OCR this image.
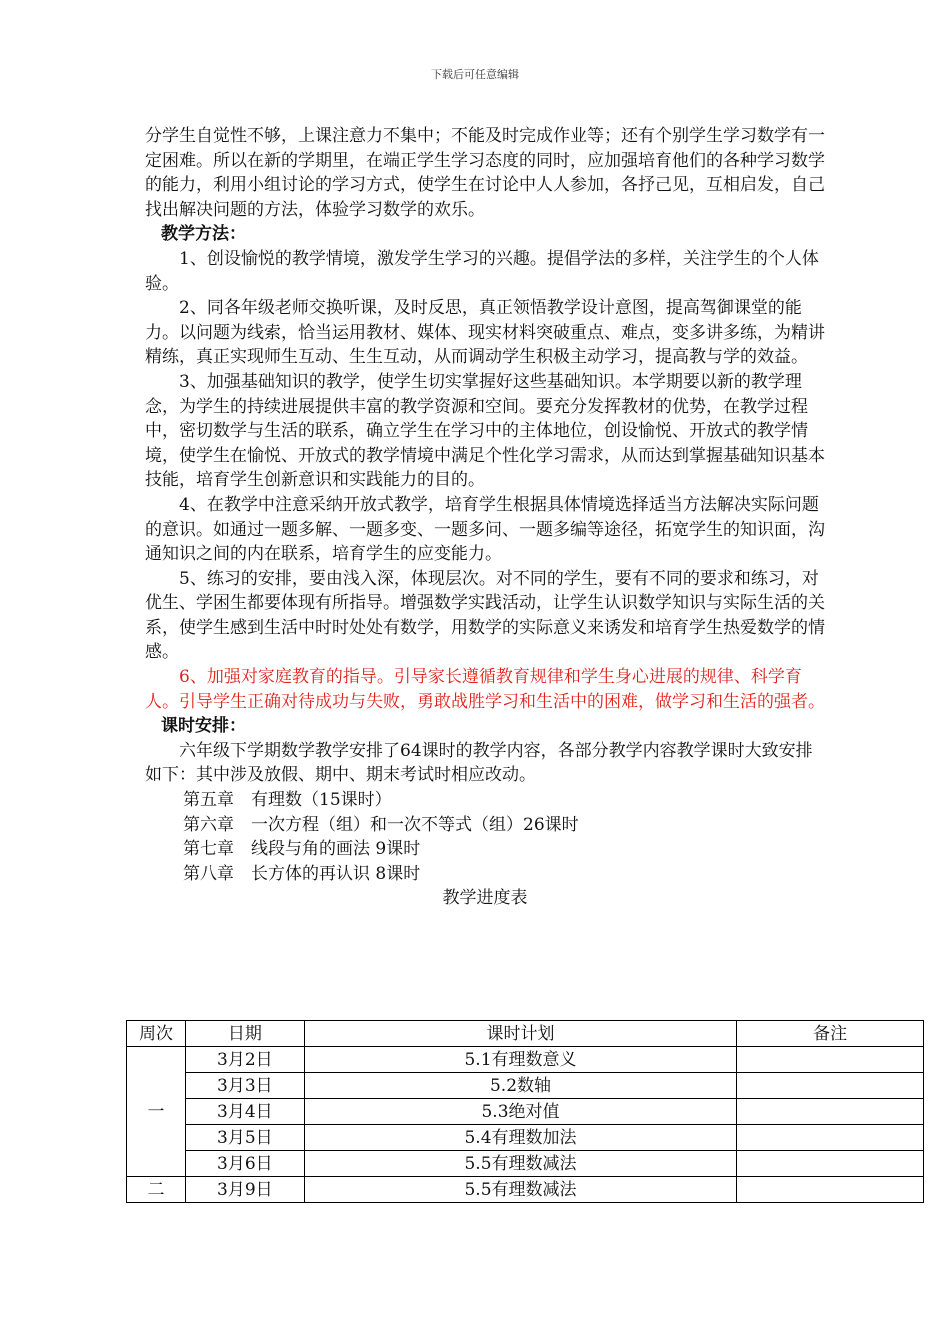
下载后可任意编辑

分学生自觉性不够，上课注意力不集中；不能及时完成作业等；还有个别学生学习数学有一定困难。所以在新的学期里，在端正学生学习态度的同时，应加强培育他们的各种学习数学的能力，利用小组讨论的学习方式，使学生在讨论中人人参加，各抒己见，互相启发，自己找出解决问题的方法，体验学习数学的欢乐。

教学方法：

1、创设愉悦的教学情境，激发学生学习的兴趣。提倡学法的多样，关注学生的个人体验。

2、同各年级老师交换听课，及时反思，真正领悟教学设计意图，提高驾御课堂的能力。以问题为线索，恰当运用教材、媒体、现实材料突破重点、难点，变多讲多练，为精讲精练，真正实现师生互动、生生互动，从而调动学生积极主动学习，提高教与学的效益。

3、加强基础知识的教学，使学生切实掌握好这些基础知识。本学期要以新的教学理念，为学生的持续进展提供丰富的教学资源和空间。要充分发挥教材的优势，在教学过程中，密切数学与生活的联系，确立学生在学习中的主体地位，创设愉悦、开放式的教学情境，使学生在愉悦、开放式的教学情境中满足个性化学习需求，从而达到掌握基础知识基本技能，培育学生创新意识和实践能力的目的。

4、在教学中注意采纳开放式教学，培育学生根据具体情境选择适当方法解决实际问题的意识。如通过一题多解、一题多变、一题多问、一题多编等途径，拓宽学生的知识面，沟通知识之间的内在联系，培育学生的应变能力。

5、练习的安排，要由浅入深，体现层次。对不同的学生，要有不同的要求和练习，对优生、学困生都要体现有所指导。增强数学实践活动，让学生认识数学知识与实际生活的关系，使学生感到生活中时时处处有数学，用数学的实际意义来诱发和培育学生热爱数学的情感。

6、加强对家庭教育的指导。引导家长遵循教育规律和学生身心进展的规律、科学育人。引导学生正确对待成功与失败，勇敢战胜学习和生活中的困难，做学习和生活的强者。

课时安排：

六年级下学期数学教学安排了64课时的教学内容，各部分教学内容教学课时大致安排如下：其中涉及放假、期中、期末考试时相应改动。

第五章　有理数（15课时）

第六章　一次方程（组）和一次不等式（组）26课时

第七章　线段与角的画法 9课时

第八章　长方体的再认识 8课时

教学进度表

周次	日期	课时计划	备注
一	3月2日	5.1有理数意义	
	3月3日	5.2数轴	
	3月4日	5.3绝对值	
	3月5日	5.4有理数加法	
	3月6日	5.5有理数减法	
二	3月9日	5.5有理数减法	
